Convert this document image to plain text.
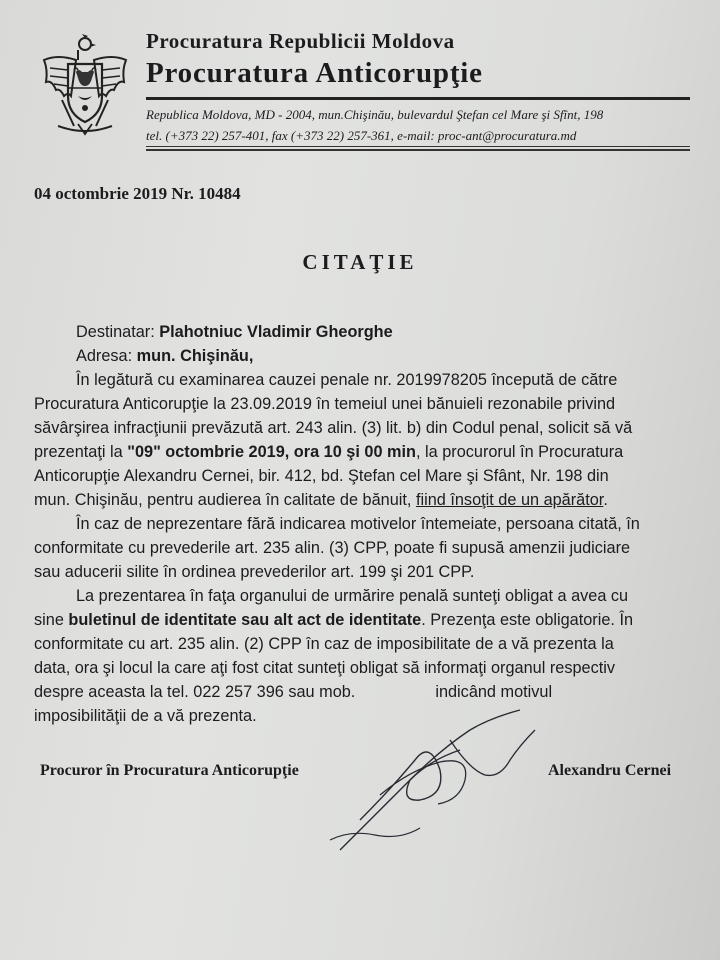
Procuratura Republicii Moldova
Procuratura Anticorupţie
Republica Moldova, MD - 2004, mun.Chişinău, bulevardul Ştefan cel Mare şi Sfînt, 198
tel. (+373 22) 257-401, fax (+373 22) 257-361, e-mail: proc-ant@procuratura.md
04 octombrie 2019 Nr. 10484
CITAŢIE
Destinatar: Plahotniuc Vladimir Gheorghe
Adresa: mun. Chişinău,
În legătură cu examinarea cauzei penale nr. 2019978205 începută de către
Procuratura Anticorupţie la 23.09.2019 în temeiul unei bănuieli rezonabile privind
săvârşirea infracţiunii prevăzută art. 243 alin. (3) lit. b) din Codul penal, solicit să vă
prezentaţi la "09" octombrie 2019, ora 10 şi 00 min, la procurorul în Procuratura
Anticorupţie Alexandru Cernei, bir. 412, bd. Ştefan cel Mare şi Sfânt, Nr. 198 din
mun. Chişinău, pentru audierea în calitate de bănuit, fiind însoţit de un apărător.
În caz de neprezentare fără indicarea motivelor întemeiate, persoana citată, în
conformitate cu prevederile art. 235 alin. (3) CPP, poate fi supusă amenzii judiciare
sau aducerii silite în ordinea prevederilor art. 199 şi 201 CPP.
La prezentarea în faţa organului de urmărire penală sunteţi obligat a avea cu
sine buletinul de identitate sau alt act de identitate. Prezenţa este obligatorie. În
conformitate cu art. 235 alin. (2) CPP în caz de imposibilitate de a vă prezenta la
data, ora şi locul la care aţi fost citat sunteţi obligat să informaţi organul respectiv
despre aceasta la tel. 022 257 396 sau mob.	indicând motivul
imposibilităţii de a vă prezenta.
Procuror în Procuratura Anticorupţie	Alexandru Cernei
